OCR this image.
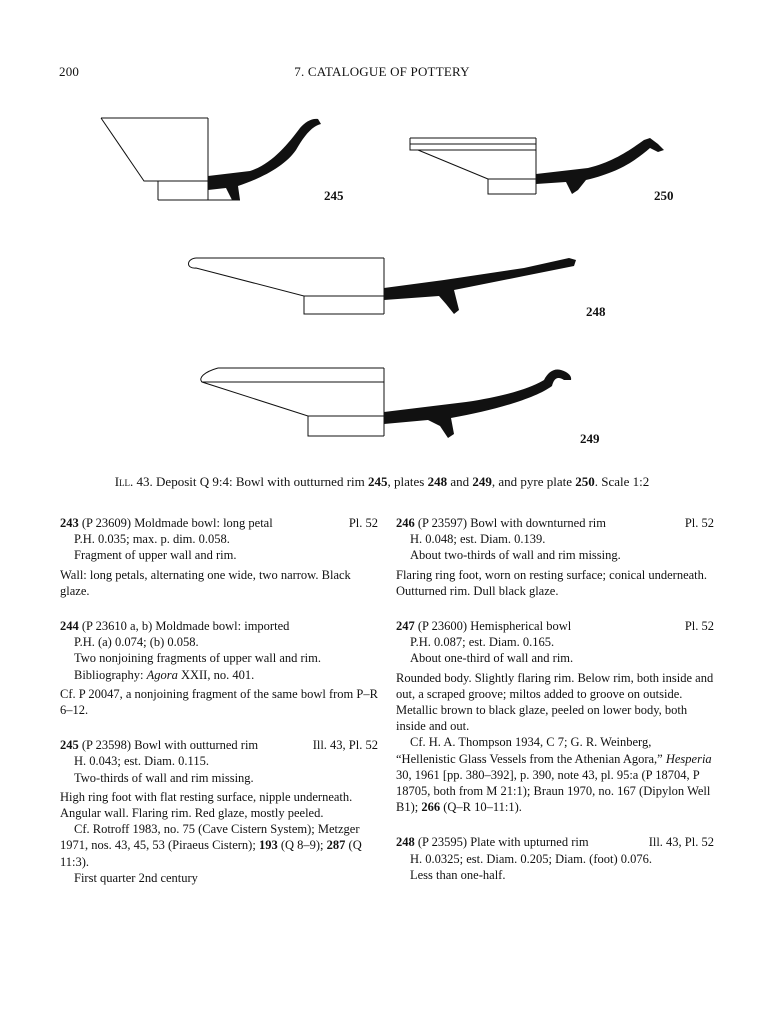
200	7. CATALOGUE OF POTTERY
245	250
248
249
Ill. 43. Deposit Q 9:4: Bowl with outturned rim 245, plates 248 and 249, and pyre plate 250. Scale 1:2
243 (P 23609) Moldmade bowl: long petal	Pl. 52
P.H. 0.035; max. p. dim. 0.058.
Fragment of upper wall and rim.

Wall: long petals, alternating one wide, two narrow. Black glaze.

244 (P 23610 a, b) Moldmade bowl: imported
P.H. (a) 0.074; (b) 0.058.
Two nonjoining fragments of upper wall and rim.
Bibliography: Agora XXII, no. 401.

Cf. P 20047, a nonjoining fragment of the same bowl from P–R 6–12.

245 (P 23598) Bowl with outturned rim	Ill. 43, Pl. 52
H. 0.043; est. Diam. 0.115.
Two-thirds of wall and rim missing.

High ring foot with flat resting surface, nipple underneath. Angular wall. Flaring rim. Red glaze, mostly peeled.

Cf. Rotroff 1983, no. 75 (Cave Cistern System); Metzger 1971, nos. 43, 45, 53 (Piraeus Cistern); 193 (Q 8–9); 287 (Q 11:3).

First quarter 2nd century
246 (P 23597) Bowl with downturned rim	Pl. 52
H. 0.048; est. Diam. 0.139.
About two-thirds of wall and rim missing.

Flaring ring foot, worn on resting surface; conical underneath. Outturned rim. Dull black glaze.

247 (P 23600) Hemispherical bowl	Pl. 52
P.H. 0.087; est. Diam. 0.165.
About one-third of wall and rim.

Rounded body. Slightly flaring rim. Below rim, both inside and out, a scraped groove; miltos added to groove on outside. Metallic brown to black glaze, peeled on lower body, both inside and out.

Cf. H. A. Thompson 1934, C 7; G. R. Weinberg, “Hellenistic Glass Vessels from the Athenian Agora,” Hesperia 30, 1961 [pp. 380–392], p. 390, note 43, pl. 95:a (P 18704, P 18705, both from M 21:1); Braun 1970, no. 167 (Dipylon Well B1); 266 (Q–R 10–11:1).

248 (P 23595) Plate with upturned rim	Ill. 43, Pl. 52
H. 0.0325; est. Diam. 0.205; Diam. (foot) 0.076.
Less than one-half.
